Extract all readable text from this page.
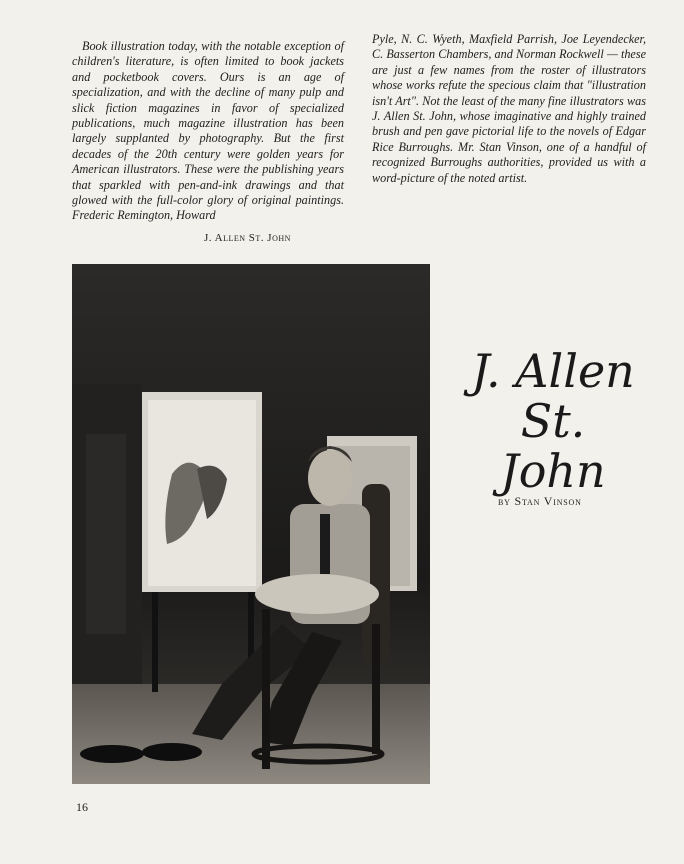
Book illustration today, with the notable exception of children's literature, is often limited to book jackets and pocketbook covers. Ours is an age of specialization, and with the decline of many pulp and slick fiction magazines in favor of specialized publications, much magazine illustration has been largely supplanted by photography. But the first decades of the 20th century were golden years for American illustrators. These were the publishing years that sparkled with pen-and-ink drawings and that glowed with the full-color glory of original paintings. Frederic Remington, Howard

Pyle, N. C. Wyeth, Maxfield Parrish, Joe Leyendecker, C. Basserton Chambers, and Norman Rockwell — these are just a few names from the roster of illustrators whose works refute the specious claim that "illustration isn't Art". Not the least of the many fine illustrators was J. Allen St. John, whose imaginative and highly trained brush and pen gave pictorial life to the novels of Edgar Rice Burroughs. Mr. Stan Vinson, one of a handful of recognized Burroughs authorities, provided us with a word-picture of the noted artist.

J. Allen St. John
J. Allen
St. John
by Stan Vinson
16
